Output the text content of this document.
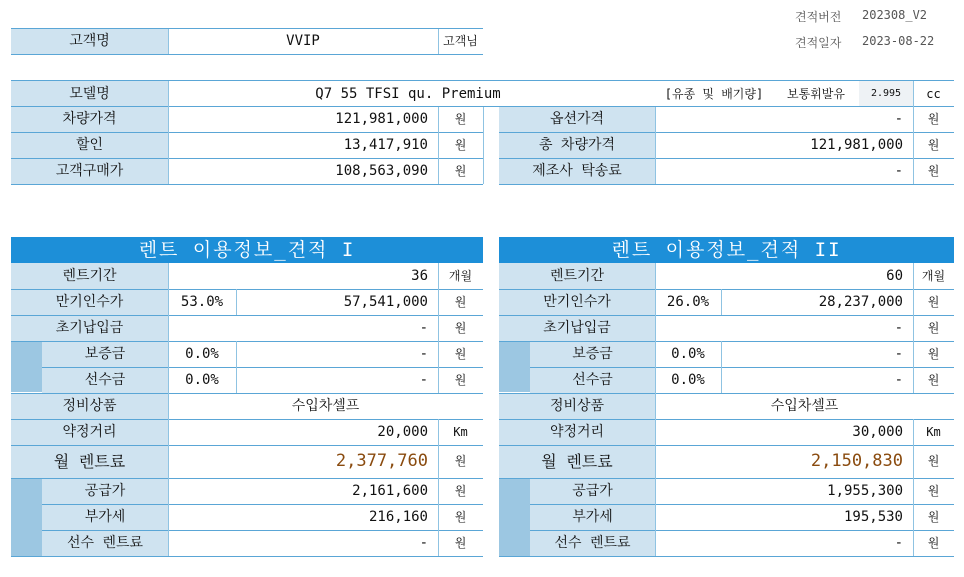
견적버전 202308_V2
견적일자 2023-08-22
고객명	VVIP	고객님
모델명	Q7 55 TFSI qu. Premium	[유종 및 배기량]	보통휘발유	2.995	cc
차량가격	121,981,000	원
할인	13,417,910	원
고객구매가	108,563,090	원
옵션가격	-	원
총 차량가격	121,981,000	원
제조사 탁송료	-	원
렌트 이용정보_견적 I
렌트기간	36	개월
만기인수가	53.0%	57,541,000	원
초기납입금	-	원
보증금	0.0%	-	원
선수금	0.0%	-	원
정비상품	수입차셀프
약정거리	20,000	Km
월 렌트료	2,377,760	원
공급가	2,161,600	원
부가세	216,160	원
선수 렌트료	-	원
렌트 이용정보_견적 II
렌트기간	60	개월
만기인수가	26.0%	28,237,000	원
초기납입금	-	원
보증금	0.0%	-	원
선수금	0.0%	-	원
정비상품	수입차셀프
약정거리	30,000	Km
월 렌트료	2,150,830	원
공급가	1,955,300	원
부가세	195,530	원
선수 렌트료	-	원
